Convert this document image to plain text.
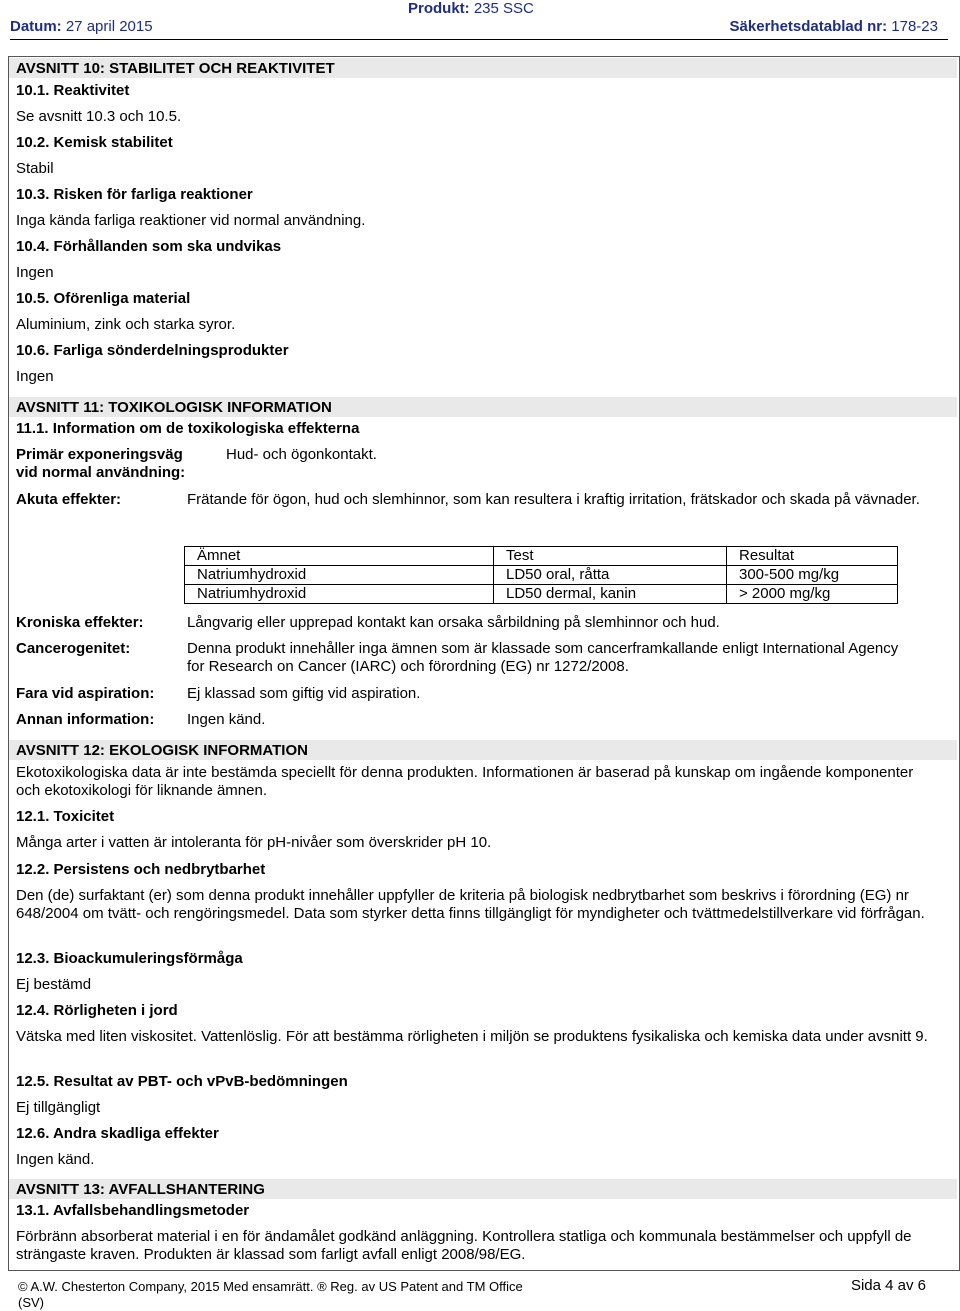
Datum: 27 april 2015
Produkt: 235 SSC
Säkerhetsdatablad nr: 178-23
AVSNITT 10: STABILITET OCH REAKTIVITET
10.1. Reaktivitet
Se avsnitt 10.3 och 10.5.
10.2. Kemisk stabilitet
Stabil
10.3. Risken för farliga reaktioner
Inga kända farliga reaktioner vid normal användning.
10.4. Förhållanden som ska undvikas
Ingen
10.5. Oförenliga material
Aluminium, zink och starka syror.
10.6. Farliga sönderdelningsprodukter
Ingen
AVSNITT 11: TOXIKOLOGISK INFORMATION
11.1. Information om de toxikologiska effekterna
Primär exponeringsväg
vid normal användning:
Hud- och ögonkontakt.
Akuta effekter:	Frätande för ögon, hud och slemhinnor, som kan resultera i kraftig irritation, frätskador och skada på vävnader.
Ämnet	Test	Resultat
Natriumhydroxid	LD50 oral, råtta	300-500 mg/kg
Natriumhydroxid	LD50 dermal, kanin	> 2000 mg/kg
Kroniska effekter:	Långvarig eller upprepad kontakt kan orsaka sårbildning på slemhinnor och hud.
Cancerogenitet:	Denna produkt innehåller inga ämnen som är klassade som cancerframkallande enligt International Agency for Research on Cancer (IARC) och förordning (EG) nr 1272/2008.
Fara vid aspiration: Ej klassad som giftig vid aspiration.
Annan information: Ingen känd.
AVSNITT 12: EKOLOGISK INFORMATION
Ekotoxikologiska data är inte bestämda speciellt för denna produkten. Informationen är baserad på kunskap om ingående komponenter och ekotoxikologi för liknande ämnen.
12.1. Toxicitet
Många arter i vatten är intoleranta för pH-nivåer som överskrider pH 10.
12.2. Persistens och nedbrytbarhet
Den (de) surfaktant (er) som denna produkt innehåller uppfyller de kriteria på biologisk nedbrytbarhet som beskrivs i förordning (EG) nr 648/2004 om tvätt- och rengöringsmedel. Data som styrker detta finns tillgängligt för myndigheter och tvättmedelstillverkare vid förfrågan.
12.3. Bioackumuleringsförmåga
Ej bestämd
12.4. Rörligheten i jord
Vätska med liten viskositet. Vattenlöslig. För att bestämma rörligheten i miljön se produktens fysikaliska och kemiska data under avsnitt 9.
12.5. Resultat av PBT- och vPvB-bedömningen
Ej tillgängligt
12.6. Andra skadliga effekter
Ingen känd.
AVSNITT 13: AVFALLSHANTERING
13.1. Avfallsbehandlingsmetoder
Förbränn absorberat material i en för ändamålet godkänd anläggning. Kontrollera statliga och kommunala bestämmelser och uppfyll de strängaste kraven. Produkten är klassad som farligt avfall enligt 2008/98/EG.
© A.W. Chesterton Company, 2015 Med ensamrätt. ® Reg. av US Patent and TM Office
(SV)
Sida 4 av 6
